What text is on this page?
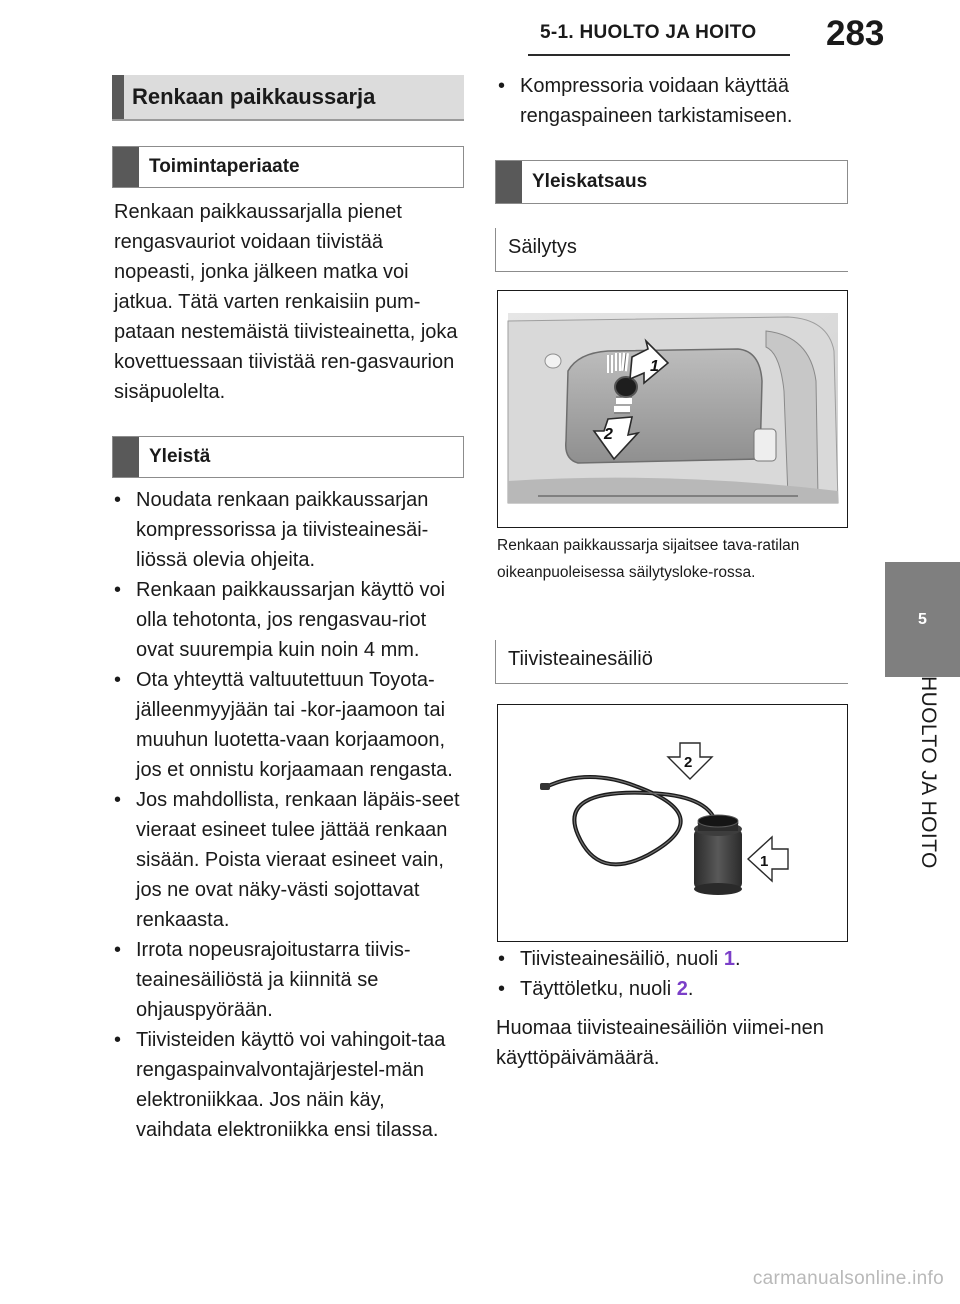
5-1. HUOLTO JA HOITO 283
5
HUOLTO JA HOITO
Renkaan paikkaussarja
Toimintaperiaate
Renkaan paikkaussarjalla pienet rengasvauriot voidaan tiivistää nopeasti, jonka jälkeen matka voi jatkua. Tätä varten renkaisiin pum-pataan nestemäistä tiivisteainetta, joka kovettuessaan tiivistää ren-gasvaurion sisäpuolelta.
Yleistä
• Noudata renkaan paikkaussarjan kompressorissa ja tiivisteainesäi-liössä olevia ohjeita.
• Renkaan paikkaussarjan käyttö voi olla tehotonta, jos rengasvau-riot ovat suurempia kuin noin 4 mm.
• Ota yhteyttä valtuutettuun Toyota-jälleenmyyjään tai -kor-jaamoon tai muuhun luotetta-vaan korjaamoon, jos et onnistu korjaamaan rengasta.
• Jos mahdollista, renkaan läpäis-seet vieraat esineet tulee jättää renkaan sisään. Poista vieraat esineet vain, jos ne ovat näky-västi sojottavat renkaasta.
• Irrota nopeusrajoitustarra tiivis-teainesäiliöstä ja kiinnitä se ohjauspyörään.
• Tiivisteiden käyttö voi vahingoit-taa rengaspainvalvontajärjestel-män elektroniikkaa. Jos näin käy, vaihdata elektroniikka ensi tilassa.
• Kompressoria voidaan käyttää rengaspaineen tarkistamiseen.
Yleiskatsaus
Säilytys
1
2
Renkaan paikkaussarja sijaitsee tava-ratilan oikeanpuoleisessa säilytysloke-rossa.
Tiivisteainesäiliö
2
1
• Tiivisteainesäiliö, nuoli 1.
• Täyttöletku, nuoli 2.
Huomaa tiivisteainesäiliön viimei-nen käyttöpäivämäärä.
carmanualsonline.info
